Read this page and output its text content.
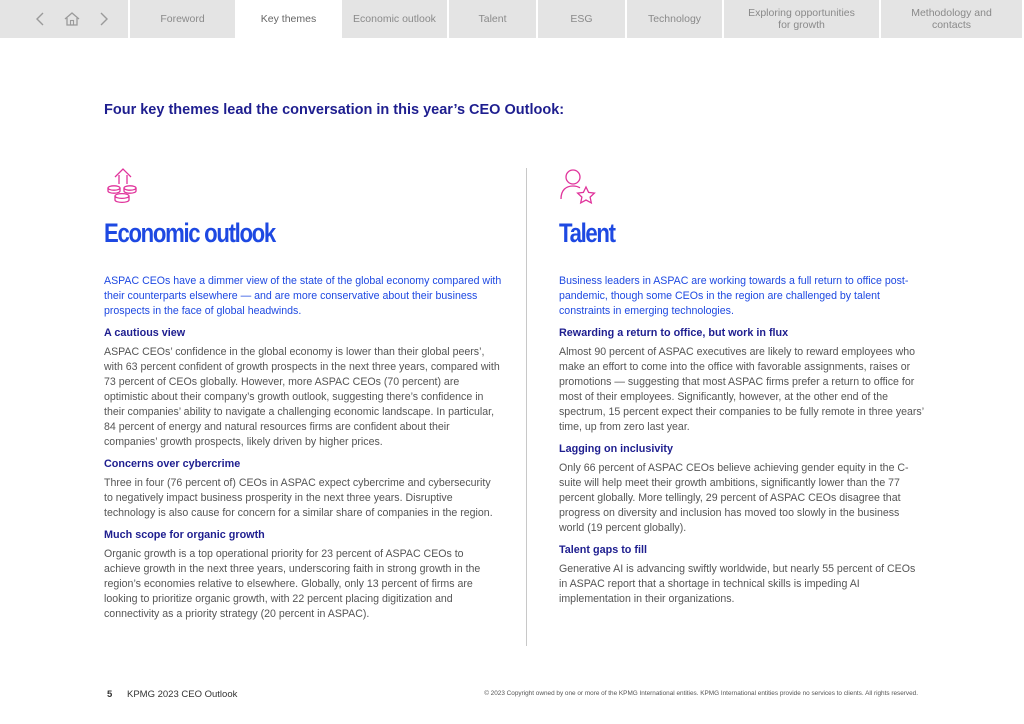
Foreword	Key themes	Economic outlook	Talent	ESG	Technology	Exploring opportunities for growth
Methodology and contacts
Four key themes lead the conversation in this year’s CEO Outlook:
Economic outlook
ASPAC CEOs have a dimmer view of the state of the global economy compared with their counterparts elsewhere — and are more conservative about their business prospects in the face of global headwinds.
A cautious view
ASPAC CEOs’ confidence in the global economy is lower than their global peers’, with 63 percent confident of growth prospects in the next three years, compared with 73 percent of CEOs globally. However, more ASPAC CEOs (70 percent) are optimistic about their company’s growth outlook, suggesting there’s confidence in their companies’ ability to navigate a challenging economic landscape. In particular, 84 percent of energy and natural resources firms are confident about their companies’ growth prospects, likely driven by higher prices.
Concerns over cybercrime
Three in four (76 percent of) CEOs in ASPAC expect cybercrime and cybersecurity to negatively impact business prosperity in the next three years. Disruptive technology is also cause for concern for a similar share of companies in the region.
Much scope for organic growth
Organic growth is a top operational priority for 23 percent of ASPAC CEOs to achieve growth in the next three years, underscoring faith in strong growth in the region’s economies relative to elsewhere. Globally, only 13 percent of firms are looking to prioritize organic growth, with 22 percent placing digitization and connectivity as a priority strategy (20 percent in ASPAC).
Talent
Business leaders in ASPAC are working towards a full return to office post-pandemic, though some CEOs in the region are challenged by talent constraints in emerging technologies.
Rewarding a return to office, but work in flux
Almost 90 percent of ASPAC executives are likely to reward employees who make an effort to come into the office with favorable assignments, raises or promotions — suggesting that most ASPAC firms prefer a return to office for most of their employees. Significantly, however, at the other end of the spectrum, 15 percent expect their companies to be fully remote in three years’ time, up from zero last year.
Lagging on inclusivity
Only 66 percent of ASPAC CEOs believe achieving gender equity in the C-suite will help meet their growth ambitions, significantly lower than the 77 percent globally. More tellingly, 29 percent of ASPAC CEOs disagree that progress on diversity and inclusion has moved too slowly in the business world (19 percent globally).
Talent gaps to fill
Generative AI is advancing swiftly worldwide, but nearly 55 percent of CEOs in ASPAC report that a shortage in technical skills is impeding AI implementation in their organizations.
5 KPMG 2023 CEO Outlook	© 2023 Copyright owned by one or more of the KPMG International entities. KPMG International entities provide no services to clients. All rights reserved.
